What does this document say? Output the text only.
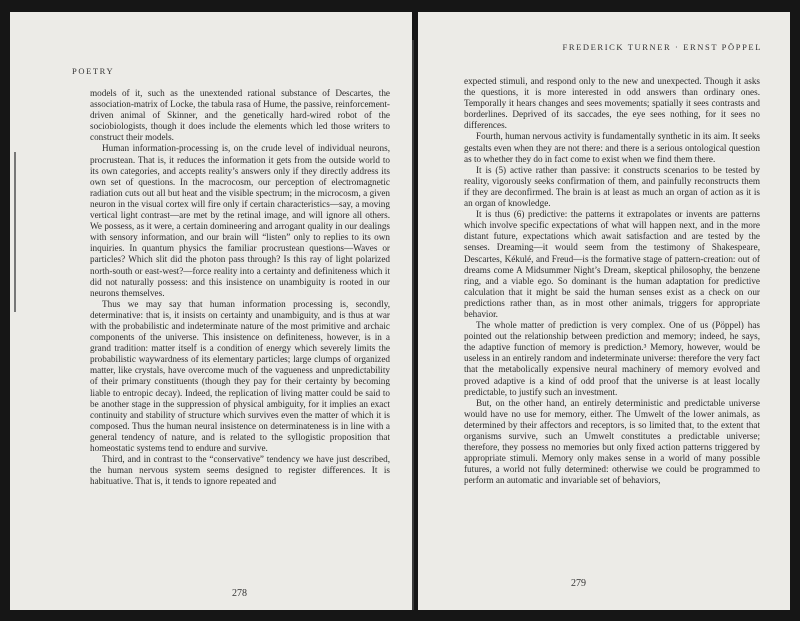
POETRY

models of it, such as the unextended rational substance of Descartes, the association-matrix of Locke, the tabula rasa of Hume, the passive, reinforcement-driven animal of Skinner, and the genetically hard-wired robot of the sociobiologists, though it does include the elements which led those writers to construct their models.

Human information-processing is, on the crude level of individual neurons, procrustean. That is, it reduces the information it gets from the outside world to its own categories, and accepts reality’s answers only if they directly address its own set of questions. In the macrocosm, our perception of electromagnetic radiation cuts out all but heat and the visible spectrum; in the microcosm, a given neuron in the visual cortex will fire only if certain characteristics—say, a moving vertical light contrast—are met by the retinal image, and will ignore all others. We possess, as it were, a certain domineering and arrogant quality in our dealings with sensory information, and our brain will “listen” only to replies to its own inquiries. In quantum physics the familiar procrustean questions—Waves or particles? Which slit did the photon pass through? Is this ray of light polarized north-south or east-west?—force reality into a certainty and definiteness which it did not naturally possess: and this insistence on unambiguity is rooted in our neurons themselves.

Thus we may say that human information processing is, secondly, determinative: that is, it insists on certainty and unambiguity, and is thus at war with the probabilistic and indeterminate nature of the most primitive and archaic components of the universe. This insistence on definiteness, however, is in a grand tradition: matter itself is a condition of energy which severely limits the probabilistic waywardness of its elementary particles; large clumps of organized matter, like crystals, have overcome much of the vagueness and unpredictability of their primary constituents (though they pay for their certainty by becoming liable to entropic decay). Indeed, the replication of living matter could be said to be another stage in the suppression of physical ambiguity, for it implies an exact continuity and stability of structure which survives even the matter of which it is composed. Thus the human neural insistence on determinateness is in line with a general tendency of nature, and is related to the syllogistic proposition that homeostatic systems tend to endure and survive.

Third, and in contrast to the “conservative” tendency we have just described, the human nervous system seems designed to register differences. It is habituative. That is, it tends to ignore repeated and

278
FREDERICK TURNER · ERNST PÖPPEL

expected stimuli, and respond only to the new and unexpected. Though it asks the questions, it is more interested in odd answers than ordinary ones. Temporally it hears changes and sees movements; spatially it sees contrasts and borderlines. Deprived of its saccades, the eye sees nothing, for it sees no differences.

Fourth, human nervous activity is fundamentally synthetic in its aim. It seeks gestalts even when they are not there: and there is a serious ontological question as to whether they do in fact come to exist when we find them there.

It is (5) active rather than passive: it constructs scenarios to be tested by reality, vigorously seeks confirmation of them, and painfully reconstructs them if they are deconfirmed. The brain is at least as much an organ of action as it is an organ of knowledge.

It is thus (6) predictive: the patterns it extrapolates or invents are patterns which involve specific expectations of what will happen next, and in the more distant future, expectations which await satisfaction and are tested by the senses. Dreaming—it would seem from the testimony of Shakespeare, Descartes, Kékulé, and Freud—is the formative stage of pattern-creation: out of dreams come A Midsummer Night’s Dream, skeptical philosophy, the benzene ring, and a viable ego. So dominant is the human adaptation for predictive calculation that it might be said the human senses exist as a check on our predictions rather than, as in most other animals, triggers for appropriate behavior.

The whole matter of prediction is very complex. One of us (Pöppel) has pointed out the relationship between prediction and memory; indeed, he says, the adaptive function of memory is prediction.³ Memory, however, would be useless in an entirely random and indeterminate universe: therefore the very fact that the metabolically expensive neural machinery of memory evolved and proved adaptive is a kind of odd proof that the universe is at least locally predictable, to justify such an investment.

But, on the other hand, an entirely deterministic and predictable universe would have no use for memory, either. The Umwelt of the lower animals, as determined by their affectors and receptors, is so limited that, to the extent that organisms survive, such an Umwelt constitutes a predictable universe; therefore, they possess no memories but only fixed action patterns triggered by appropriate stimuli. Memory only makes sense in a world of many possible futures, a world not fully determined: otherwise we could be programmed to perform an automatic and invariable set of behaviors,

279
